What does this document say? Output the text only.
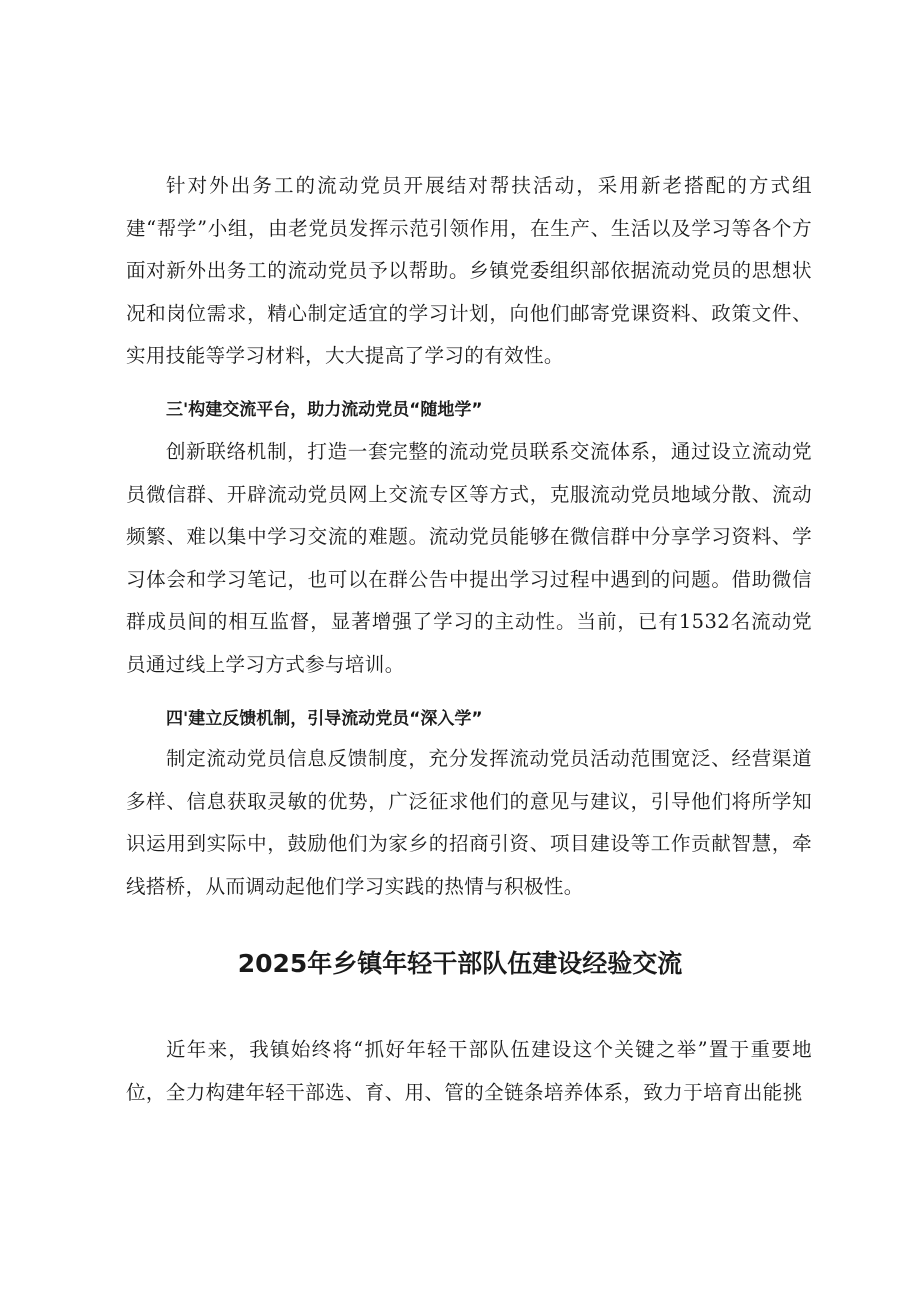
针对外出务工的流动党员开展结对帮扶活动，采用新老搭配的方式组建“帮学”小组，由老党员发挥示范引领作用，在生产、生活以及学习等各个方面对新外出务工的流动党员予以帮助。乡镇党委组织部依据流动党员的思想状况和岗位需求，精心制定适宜的学习计划，向他们邮寄党课资料、政策文件、实用技能等学习材料，大大提高了学习的有效性。

三'构建交流平台，助力流动党员“随地学”

创新联络机制，打造一套完整的流动党员联系交流体系，通过设立流动党员微信群、开辟流动党员网上交流专区等方式，克服流动党员地域分散、流动频繁、难以集中学习交流的难题。流动党员能够在微信群中分享学习资料、学习体会和学习笔记，也可以在群公告中提出学习过程中遇到的问题。借助微信群成员间的相互监督，显著增强了学习的主动性。当前，已有1532名流动党员通过线上学习方式参与培训。

四'建立反馈机制，引导流动党员“深入学”

制定流动党员信息反馈制度，充分发挥流动党员活动范围宽泛、经营渠道多样、信息获取灵敏的优势，广泛征求他们的意见与建议，引导他们将所学知识运用到实际中，鼓励他们为家乡的招商引资、项目建设等工作贡献智慧，牵线搭桥，从而调动起他们学习实践的热情与积极性。

2025年乡镇年轻干部队伍建设经验交流

近年来，我镇始终将“抓好年轻干部队伍建设这个关键之举”置于重要地位，全力构建年轻干部选、育、用、管的全链条培养体系，致力于培育出能挑
